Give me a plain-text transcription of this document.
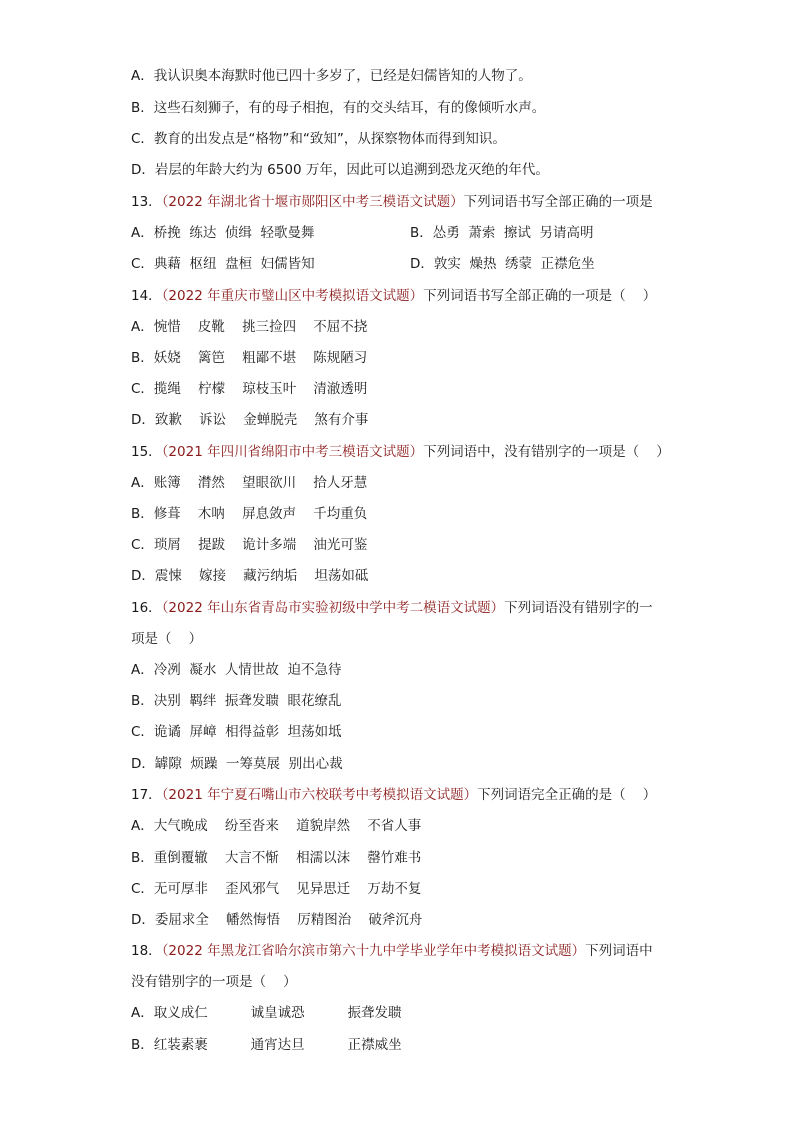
A．我认识奥本海默时他已四十多岁了，已经是妇儒皆知的人物了。
B．这些石刻狮子，有的母子相抱，有的交头结耳，有的像倾听水声。
C．教育的出发点是“格物”和“致知”，从探察物体而得到知识。
D．岩层的年龄大约为 6500 万年，因此可以追溯到恐龙灭绝的年代。
13．（2022 年湖北省十堰市郧阳区中考三模语文试题）下列词语书写全部正确的一项是
A．桥挽  练达  侦缉  轻歌曼舞	B．怂勇  萧索  擦试  另请高明
C．典藉  枢纽  盘桓  妇儒皆知	D．敦实  燥热  绣蒙  正襟危坐
14．（2022 年重庆市璧山区中考模拟语文试题）下列词语书写全部正确的一项是（    ）
A．惋惜    皮靴    挑三捡四    不屈不挠
B．妖娆    篱笆    粗鄙不堪    陈规陋习
C．揽绳    柠檬    琼枝玉叶    清澈透明
D．致歉    诉讼    金蝉脱壳    煞有介事
15．（2021 年四川省绵阳市中考三模语文试题）下列词语中，没有错别字的一项是（    ）
A．账簿    潸然    望眼欲川    拾人牙慧
B．修葺    木呐    屏息敛声    千均重负
C．琐屑    提跋    诡计多端    油光可鉴
D．震悚    嫁接    藏污纳垢    坦荡如砥
16．（2022 年山东省青岛市实验初级中学中考二模语文试题）下列词语没有错别字的一
项是（    ）
A．冷冽  凝水  人情世故  迫不急待
B．决别  羁绊  振聋发聩  眼花缭乱
C．诡谲  屏嶂  相得益彰  坦荡如坻
D．罅隙  烦躁  一筹莫展  别出心裁
17．（2021 年宁夏石嘴山市六校联考中考模拟语文试题）下列词语完全正确的是（    ）
A．大气晚成    纷至沓来    道貌岸然    不省人事
B．重倒覆辙    大言不惭    相濡以沫    罄竹难书
C．无可厚非    歪风邪气    见异思迁    万劫不复
D．委屈求全    幡然悔悟    厉精图治    破斧沉舟
18．（2022 年黑龙江省哈尔滨市第六十九中学毕业学年中考模拟语文试题）下列词语中
没有错别字的一项是（    ）
A．取义成仁          诚皇诚恐          振聋发聩
B．红装素裹          通宵达旦          正襟威坐
